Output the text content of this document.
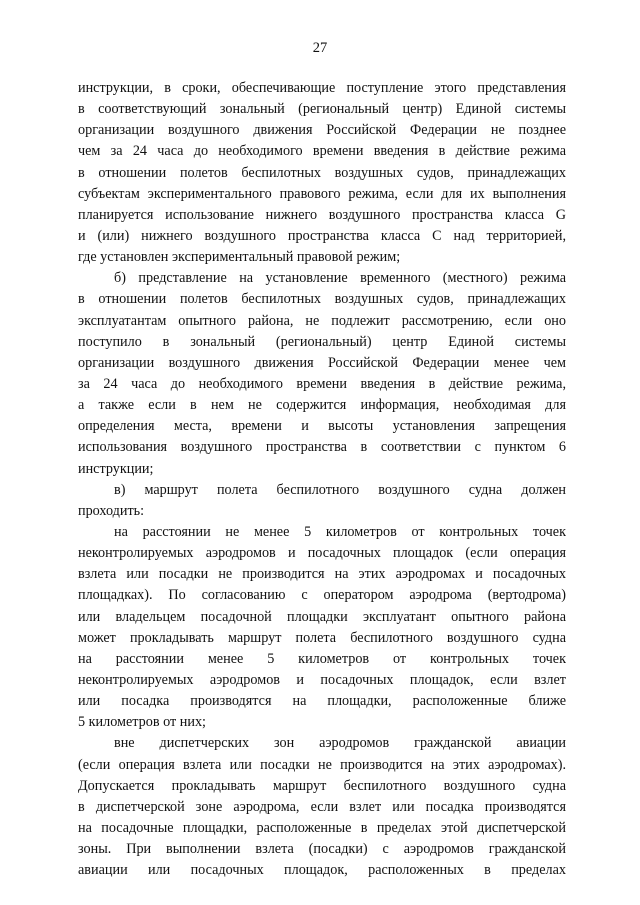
27
инструкции, в сроки, обеспечивающие поступление этого представления
в соответствующий зональный (региональный центр) Единой системы
организации воздушного движения Российской Федерации не позднее
чем за 24 часа до необходимого времени введения в действие режима
в отношении полетов беспилотных воздушных судов, принадлежащих
субъектам экспериментального правового режима, если для их выполнения
планируется использование нижнего воздушного пространства класса G
и (или) нижнего воздушного пространства класса С над территорией,
где установлен экспериментальный правовой режим;
б) представление на установление временного (местного) режима
в отношении полетов беспилотных воздушных судов, принадлежащих
эксплуатантам опытного района, не подлежит рассмотрению, если оно
поступило в зональный (региональный) центр Единой системы
организации воздушного движения Российской Федерации менее чем
за 24 часа до необходимого времени введения в действие режима,
а также если в нем не содержится информация, необходимая для
определения места, времени и высоты установления запрещения
использования воздушного пространства в соответствии с пунктом 6
инструкции;
в) маршрут полета беспилотного воздушного судна должен
проходить:
на расстоянии не менее 5 километров от контрольных точек
неконтролируемых аэродромов и посадочных площадок (если операция
взлета или посадки не производится на этих аэродромах и посадочных
площадках). По согласованию с оператором аэродрома (вертодрома)
или владельцем посадочной площадки эксплуатант опытного района
может прокладывать маршрут полета беспилотного воздушного судна
на расстоянии менее 5 километров от контрольных точек
неконтролируемых аэродромов и посадочных площадок, если взлет
или посадка производятся на площадки, расположенные ближе
5 километров от них;
вне диспетчерских зон аэродромов гражданской авиации
(если операция взлета или посадки не производится на этих аэродромах).
Допускается прокладывать маршрут беспилотного воздушного судна
в диспетчерской зоне аэродрома, если взлет или посадка производятся
на посадочные площадки, расположенные в пределах этой диспетчерской
зоны. При выполнении взлета (посадки) с аэродромов гражданской
авиации или посадочных площадок, расположенных в пределах
